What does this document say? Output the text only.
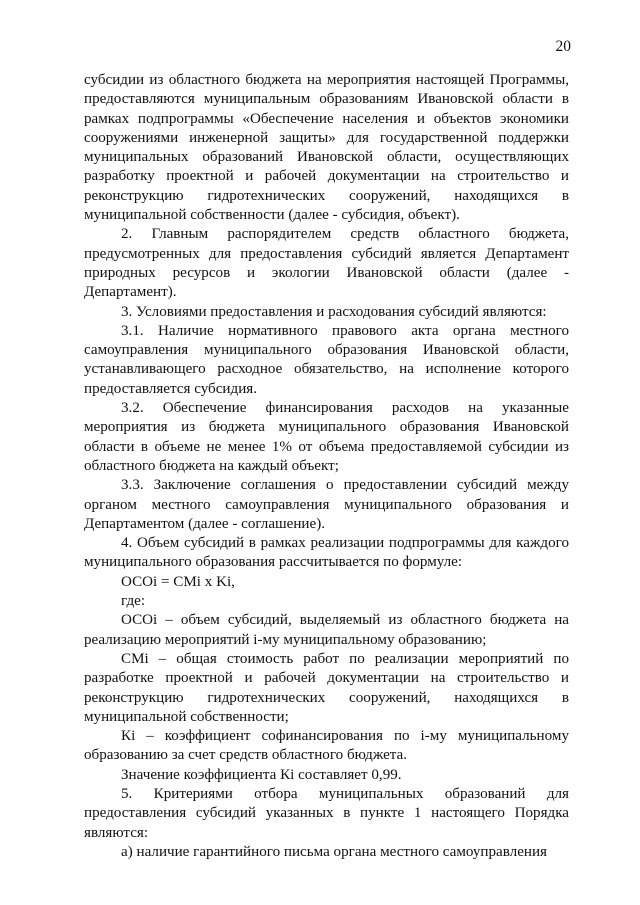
20

субсидии из областного бюджета на мероприятия настоящей Программы, предоставляются муниципальным образованиям Ивановской области в рамках подпрограммы «Обеспечение населения и объектов экономики сооружениями инженерной защиты» для государственной поддержки муниципальных образований Ивановской области, осуществляющих разработку проектной и рабочей документации на строительство и реконструкцию гидротехнических сооружений, находящихся в муниципальной собственности (далее - субсидия, объект).

2. Главным распорядителем средств областного бюджета, предусмотренных для предоставления субсидий является Департамент природных ресурсов и экологии Ивановской области (далее - Департамент).

3. Условиями предоставления и расходования субсидий являются:

3.1. Наличие нормативного правового акта органа местного самоуправления муниципального образования Ивановской области, устанавливающего расходное обязательство, на исполнение которого предоставляется субсидия.

3.2. Обеспечение финансирования расходов на указанные мероприятия из бюджета муниципального образования Ивановской области в объеме не менее 1% от объема предоставляемой субсидии из областного бюджета на каждый объект;

3.3. Заключение соглашения о предоставлении субсидий между органом местного самоуправления муниципального образования и Департаментом (далее - соглашение).

4. Объем субсидий в рамках реализации подпрограммы для каждого муниципального образования рассчитывается по формуле:

ОСОi = СМi x Ki,

где:

ОСОi – объем субсидий, выделяемый из областного бюджета на реализацию мероприятий i-му муниципальному образованию;

СМi – общая стоимость работ по реализации мероприятий по разработке проектной и рабочей документации на строительство и реконструкцию гидротехнических сооружений, находящихся в муниципальной собственности;

Кi – коэффициент софинансирования по i-му муниципальному образованию за счет средств областного бюджета.

Значение коэффициента Кi составляет 0,99.

5. Критериями отбора муниципальных образований для предоставления субсидий указанных в пункте 1 настоящего Порядка являются:

а) наличие гарантийного письма органа местного самоуправления
